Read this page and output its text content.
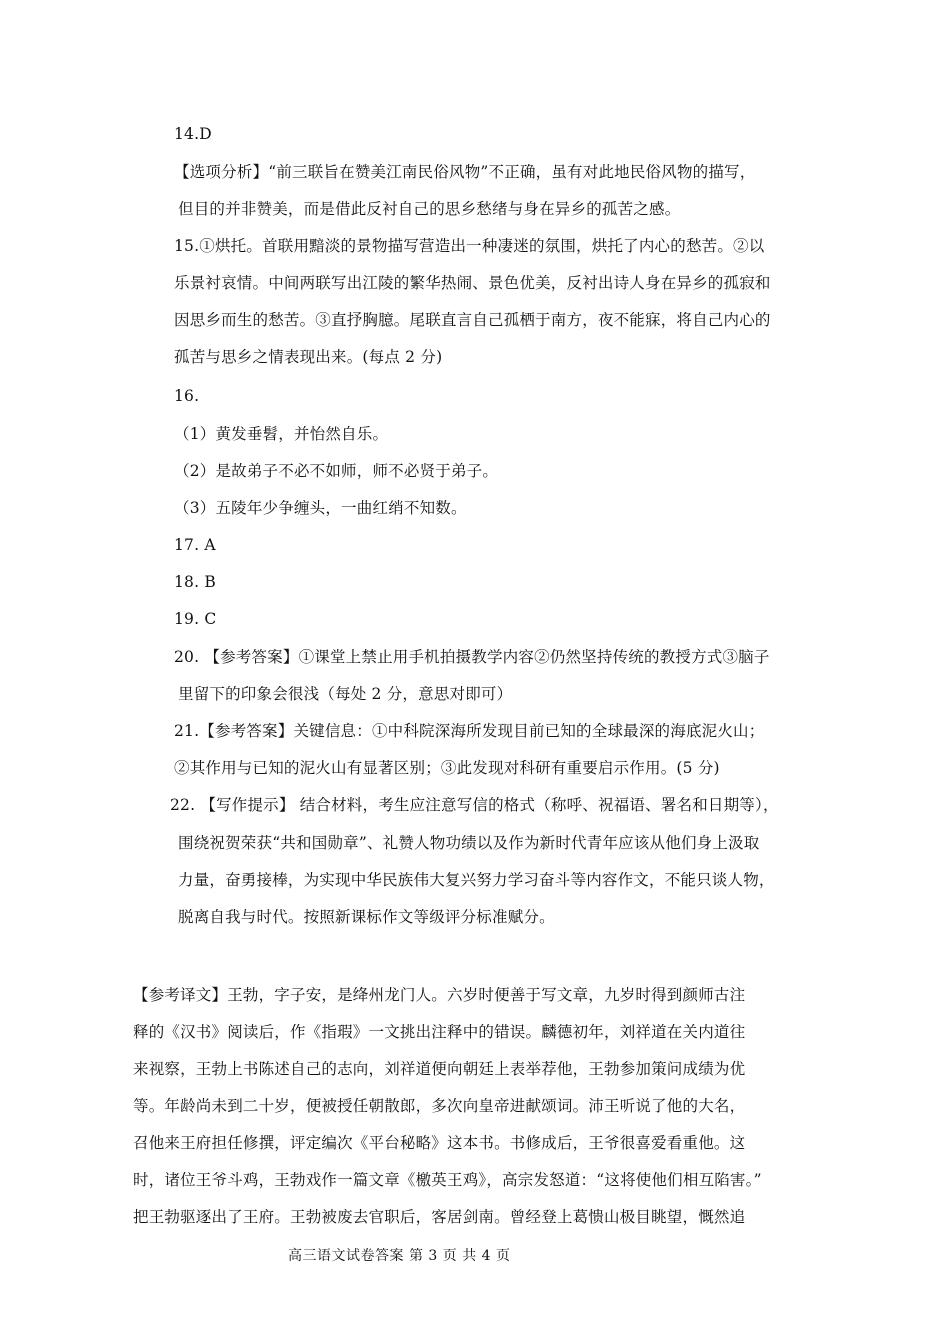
14.D
【选项分析】“前三联旨在赞美江南民俗风物”不正确，虽有对此地民俗风物的描写，
但目的并非赞美，而是借此反衬自己的思乡愁绪与身在异乡的孤苦之感。
15.①烘托。首联用黯淡的景物描写营造出一种凄迷的氛围，烘托了内心的愁苦。②以
乐景衬哀情。中间两联写出江陵的繁华热闹、景色优美，反衬出诗人身在异乡的孤寂和
因思乡而生的愁苦。③直抒胸臆。尾联直言自己孤栖于南方，夜不能寐，将自己内心的
孤苦与思乡之情表现出来。(每点 2 分)
16.
（1）黄发垂髫，并怡然自乐。
（2）是故弟子不必不如师，师不必贤于弟子。
（3）五陵年少争缠头，一曲红绡不知数。
17. A
18. B
19. C
20. 【参考答案】①课堂上禁止用手机拍摄教学内容②仍然坚持传统的教授方式③脑子
里留下的印象会很浅（每处 2 分，意思对即可）
21.【参考答案】关键信息：①中科院深海所发现目前已知的全球最深的海底泥火山；
②其作用与已知的泥火山有显著区别；③此发现对科研有重要启示作用。(5 分)
22. 【写作提示】 结合材料，考生应注意写信的格式（称呼、祝福语、署名和日期等），
围绕祝贺荣获“共和国勋章”、礼赞人物功绩以及作为新时代青年应该从他们身上汲取
力量，奋勇接棒，为实现中华民族伟大复兴努力学习奋斗等内容作文，不能只谈人物，
脱离自我与时代。按照新课标作文等级评分标准赋分。
【参考译文】王勃，字子安，是绛州龙门人。六岁时便善于写文章，九岁时得到颜师古注
释的《汉书》阅读后，作《指瑕》一文挑出注释中的错误。麟德初年，刘祥道在关内道往
来视察，王勃上书陈述自己的志向，刘祥道便向朝廷上表举荐他，王勃参加策问成绩为优
等。年龄尚未到二十岁，便被授任朝散郎，多次向皇帝进献颂词。沛王听说了他的大名，
召他来王府担任修撰，评定编次《平台秘略》这本书。书修成后，王爷很喜爱看重他。这
时，诸位王爷斗鸡，王勃戏作一篇文章《檄英王鸡》，高宗发怒道：“这将使他们相互陷害。”
把王勃驱逐出了王府。王勃被废去官职后，客居剑南。曾经登上葛愦山极目眺望，慨然追
高三语文试卷答案 第 3 页 共 4 页
